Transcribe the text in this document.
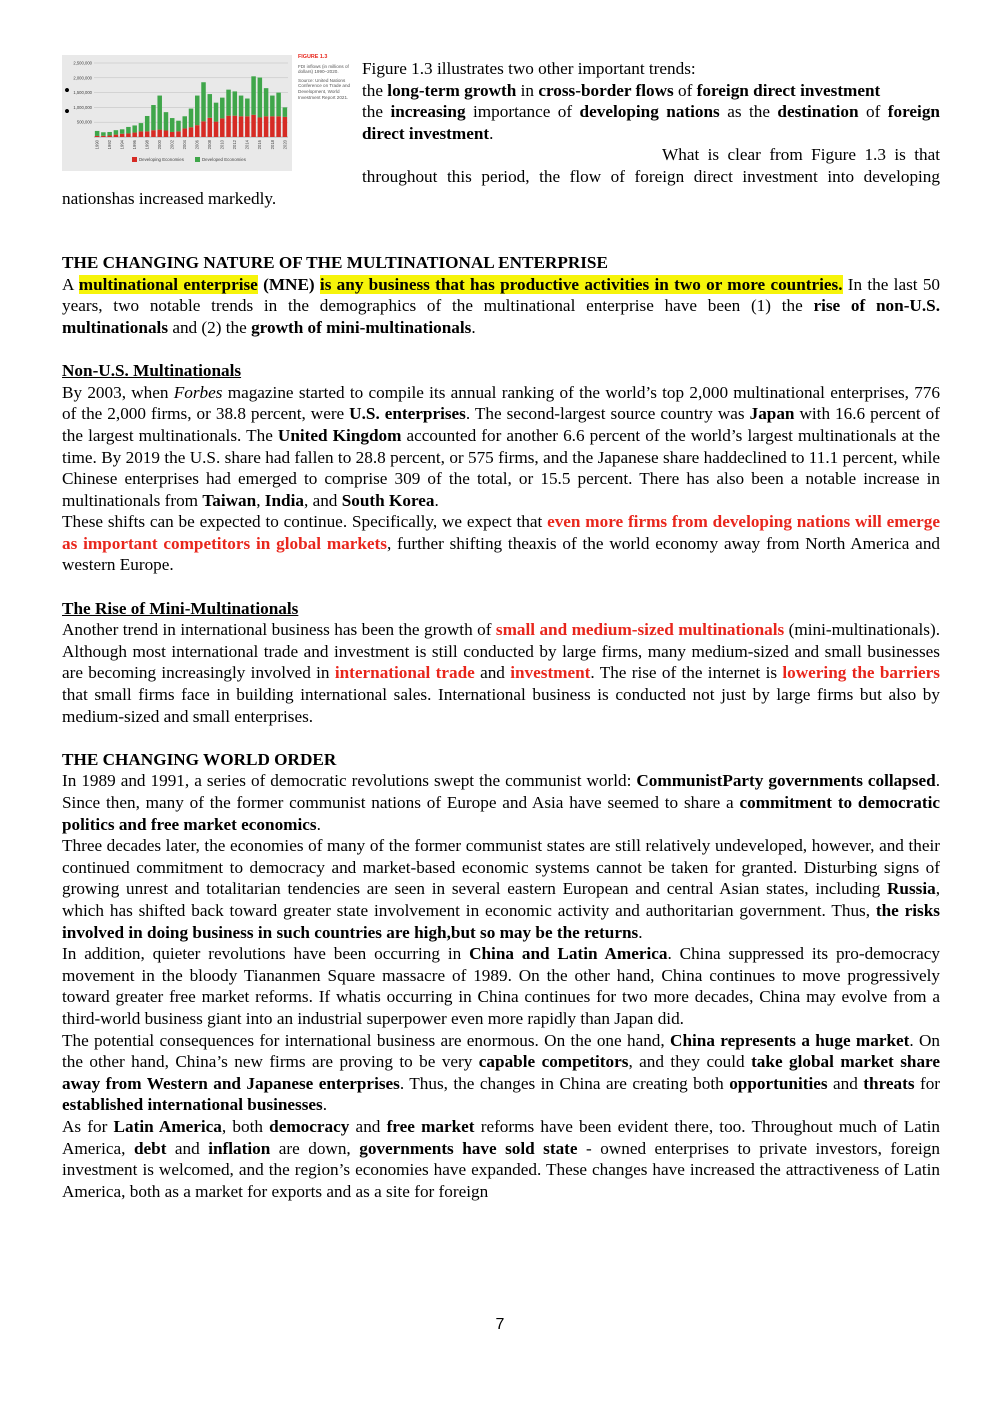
500,000
1,000,000
1,500,000
2,000,000
2,500,000
1990 1992 1994 1996 1998 2000 2002 2004 2006 2008 2010 2012 2014 2016 2018 2020
Developing Economies	Developed Economies
FIGURE 1.3
FDI inflows (in millions of dollars) 1990–2020.
Source: United Nations Conference on Trade and Development, World Investment Report 2021.

Figure 1.3 illustrates two other important trends:

•	the long-term growth in cross-border flows of foreign direct investment
•	the increasing importance of developing nations as the destination of foreign direct investment.

What is clear from Figure 1.3 is that throughout this period, the flow of foreign direct investment into developing nationshas increased markedly.

THE CHANGING NATURE OF THE MULTINATIONAL ENTERPRISE

A multinational enterprise (MNE) is any business that has productive activities in two or more countries. In the last 50 years, two notable trends in the demographics of the multinational enterprise have been (1) the rise of non-U.S. multinationals and (2) the growth of mini-multinationals.

Non-U.S. Multinationals

By 2003, when Forbes magazine started to compile its annual ranking of the world’s top 2,000 multinational enterprises, 776 of the 2,000 firms, or 38.8 percent, were U.S. enterprises. The second-largest source country was Japan with 16.6 percent of the largest multinationals. The United Kingdom accounted for another 6.6 percent of the world’s largest multinationals at the time. By 2019 the U.S. share had fallen to 28.8 percent, or 575 firms, and the Japanese share haddeclined to 11.1 percent, while Chinese enterprises had emerged to comprise 309 of the total, or 15.5 percent. There has also been a notable increase in multinationals from Taiwan, India, and South Korea.

These shifts can be expected to continue. Specifically, we expect that even more firms from developing nations will emerge as important competitors in global markets, further shifting theaxis of the world economy away from North America and western Europe.

The Rise of Mini-Multinationals

Another trend in international business has been the growth of small and medium-sized multinationals (mini-multinationals). Although most international trade and investment is still conducted by large firms, many medium-sized and small businesses are becoming increasingly involved in international trade and investment. The rise of the internet is lowering the barriers that small firms face in building international sales. International business is conducted not just by large firms but also by medium-sized and small enterprises.

THE CHANGING WORLD ORDER

In 1989 and 1991, a series of democratic revolutions swept the communist world: CommunistParty governments collapsed. Since then, many of the former communist nations of Europe and Asia have seemed to share a commitment to democratic politics and free market economics.

Three decades later, the economies of many of the former communist states are still relatively undeveloped, however, and their continued commitment to democracy and market-based economic systems cannot be taken for granted. Disturbing signs of growing unrest and totalitarian tendencies are seen in several eastern European and central Asian states, including Russia, which has shifted back toward greater state involvement in economic activity and authoritarian government. Thus, the risks involved in doing business in such countries are high,but so may be the returns.

In addition, quieter revolutions have been occurring in China and Latin America. China suppressed its pro-democracy movement in the bloody Tiananmen Square massacre of 1989. On the other hand, China continues to move progressively toward greater free market reforms. If whatis occurring in China continues for two more decades, China may evolve from a third-world business giant into an industrial superpower even more rapidly than Japan did.

The potential consequences for international business are enormous. On the one hand, China represents a huge market. On the other hand, China’s new firms are proving to be very capable competitors, and they could take global market share away from Western and Japanese enterprises. Thus, the changes in China are creating both opportunities and threats for established international businesses.

As for Latin America, both democracy and free market reforms have been evident there, too. Throughout much of Latin America, debt and inflation are down, governments have sold state - owned enterprises to private investors, foreign investment is welcomed, and the region’s economies have expanded. These changes have increased the attractiveness of Latin America, both as a market for exports and as a site for foreign

7
